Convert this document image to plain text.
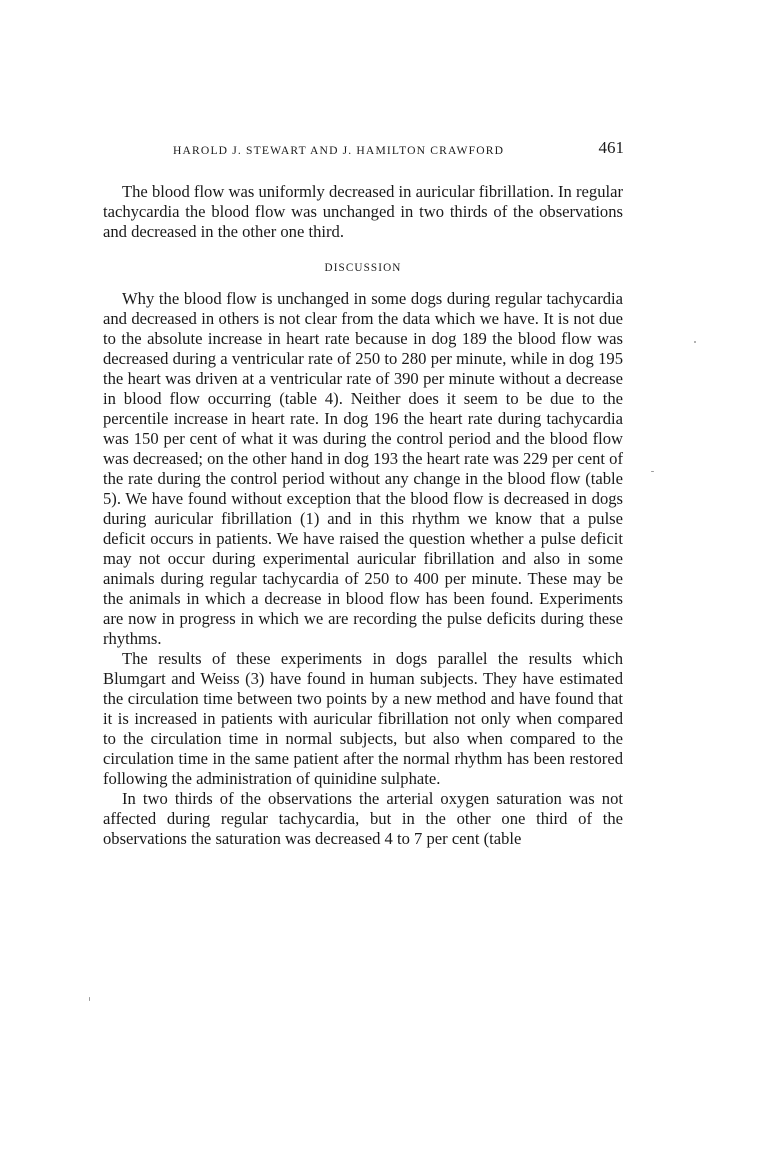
HAROLD J. STEWART AND J. HAMILTON CRAWFORD	461

The blood flow was uniformly decreased in auricular fibrillation. In regular tachycardia the blood flow was unchanged in two thirds of the observations and decreased in the other one third.

DISCUSSION

Why the blood flow is unchanged in some dogs during regular tachycardia and decreased in others is not clear from the data which we have. It is not due to the absolute increase in heart rate because in dog 189 the blood flow was decreased during a ventricular rate of 250 to 280 per minute, while in dog 195 the heart was driven at a ventricular rate of 390 per minute without a decrease in blood flow occurring (table 4). Neither does it seem to be due to the percentile increase in heart rate. In dog 196 the heart rate during tachycardia was 150 per cent of what it was during the control period and the blood flow was decreased; on the other hand in dog 193 the heart rate was 229 per cent of the rate during the control period without any change in the blood flow (table 5). We have found without exception that the blood flow is decreased in dogs during auricular fibrillation (1) and in this rhythm we know that a pulse deficit occurs in patients. We have raised the question whether a pulse deficit may not occur during experimental auricular fibrillation and also in some animals during regular tachycardia of 250 to 400 per minute. These may be the animals in which a decrease in blood flow has been found. Experiments are now in progress in which we are recording the pulse deficits during these rhythms.

The results of these experiments in dogs parallel the results which Blumgart and Weiss (3) have found in human subjects. They have estimated the circulation time between two points by a new method and have found that it is increased in patients with auricular fibrillation not only when compared to the circulation time in normal subjects, but also when compared to the circulation time in the same patient after the normal rhythm has been restored following the administration of quinidine sulphate.

In two thirds of the observations the arterial oxygen saturation was not affected during regular tachycardia, but in the other one third of the observations the saturation was decreased 4 to 7 per cent (table
